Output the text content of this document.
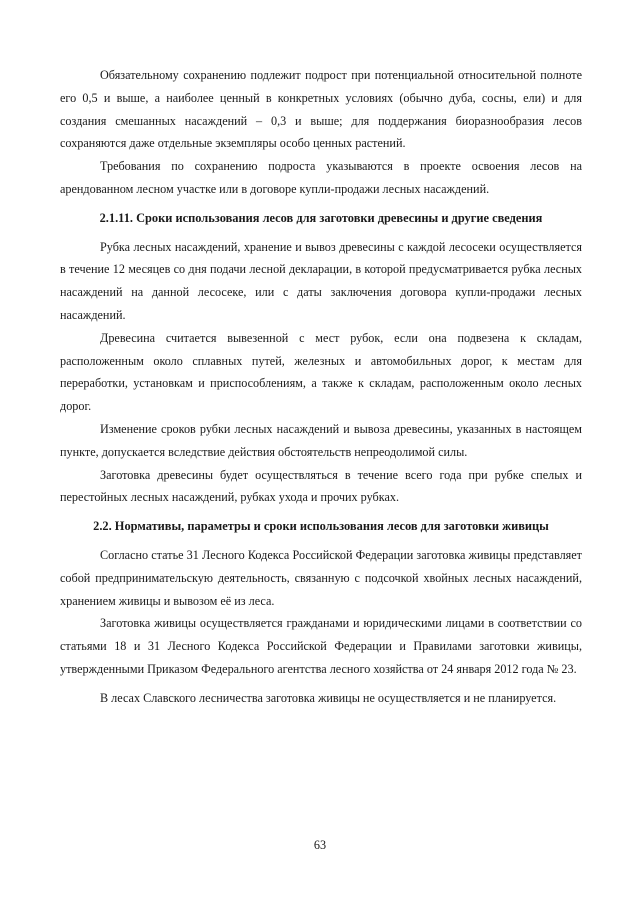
Обязательному сохранению подлежит подрост при потенциальной относительной полноте его 0,5 и выше, а наиболее ценный в конкретных условиях (обычно дуба, сосны, ели) и для создания смешанных насаждений – 0,3 и выше; для поддержания биоразнообразия лесов сохраняются даже отдельные экземпляры особо ценных растений.

Требования по сохранению подроста указываются в проекте освоения лесов на арендованном лесном участке или в договоре купли-продажи лесных насаждений.

2.1.11. Сроки использования лесов для заготовки древесины и другие сведения

Рубка лесных насаждений, хранение и вывоз древесины с каждой лесосеки осуществляется в течение 12 месяцев со дня подачи лесной декларации, в которой предусматривается рубка лесных насаждений на данной лесосеке, или с даты заключения договора купли-продажи лесных насаждений.

Древесина считается вывезенной с мест рубок, если она подвезена к складам, расположенным около сплавных путей, железных и автомобильных дорог, к местам для переработки, установкам и приспособлениям, а также к складам, расположенным около лесных дорог.

Изменение сроков рубки лесных насаждений и вывоза древесины, указанных в настоящем пункте, допускается вследствие действия обстоятельств непреодолимой силы.

Заготовка древесины будет осуществляться в течение всего года при рубке спелых и перестойных лесных насаждений, рубках ухода и прочих рубках.

2.2. Нормативы, параметры и сроки использования лесов для заготовки живицы

Согласно статье 31 Лесного Кодекса Российской Федерации заготовка живицы представляет собой предпринимательскую деятельность, связанную с подсочкой хвойных лесных насаждений, хранением живицы и вывозом её из леса.

Заготовка живицы осуществляется гражданами и юридическими лицами в соответствии со статьями 18 и 31 Лесного Кодекса Российской Федерации и Правилами заготовки живицы, утвержденными Приказом Федерального агентства лесного хозяйства от 24 января 2012 года № 23.

В лесах Славского лесничества заготовка живицы не осуществляется и не планируется.

63
